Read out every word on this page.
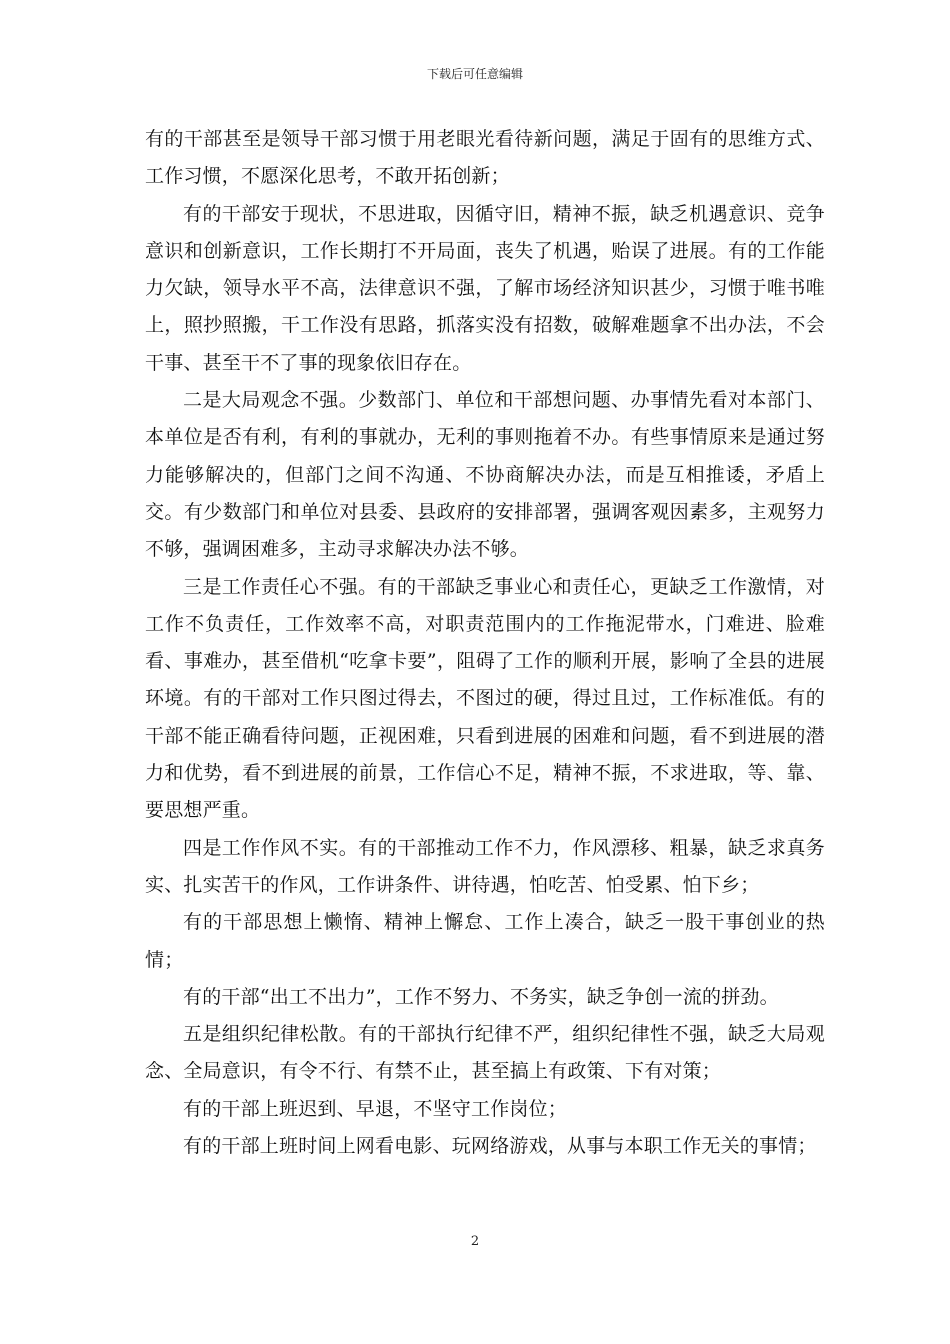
下载后可任意编辑

有的干部甚至是领导干部习惯于用老眼光看待新问题，满足于固有的思维方式、工作习惯，不愿深化思考，不敢开拓创新；

有的干部安于现状，不思进取，因循守旧，精神不振，缺乏机遇意识、竞争意识和创新意识，工作长期打不开局面，丧失了机遇，贻误了进展。有的工作能力欠缺，领导水平不高，法律意识不强，了解市场经济知识甚少，习惯于唯书唯上，照抄照搬，干工作没有思路，抓落实没有招数，破解难题拿不出办法，不会干事、甚至干不了事的现象依旧存在。

二是大局观念不强。少数部门、单位和干部想问题、办事情先看对本部门、本单位是否有利，有利的事就办，无利的事则拖着不办。有些事情原来是通过努力能够解决的，但部门之间不沟通、不协商解决办法，而是互相推诿，矛盾上交。有少数部门和单位对县委、县政府的安排部署，强调客观因素多，主观努力不够，强调困难多，主动寻求解决办法不够。

三是工作责任心不强。有的干部缺乏事业心和责任心，更缺乏工作激情，对工作不负责任，工作效率不高，对职责范围内的工作拖泥带水，门难进、脸难看、事难办，甚至借机“吃拿卡要”，阻碍了工作的顺利开展，影响了全县的进展环境。有的干部对工作只图过得去，不图过的硬，得过且过，工作标准低。有的干部不能正确看待问题，正视困难，只看到进展的困难和问题，看不到进展的潜力和优势，看不到进展的前景，工作信心不足，精神不振，不求进取，等、靠、要思想严重。

四是工作作风不实。有的干部推动工作不力，作风漂移、粗暴，缺乏求真务实、扎实苦干的作风，工作讲条件、讲待遇，怕吃苦、怕受累、怕下乡；

有的干部思想上懒惰、精神上懈怠、工作上凑合，缺乏一股干事创业的热情；

有的干部“出工不出力”，工作不努力、不务实，缺乏争创一流的拼劲。

五是组织纪律松散。有的干部执行纪律不严，组织纪律性不强，缺乏大局观念、全局意识，有令不行、有禁不止，甚至搞上有政策、下有对策；

有的干部上班迟到、早退，不坚守工作岗位；

有的干部上班时间上网看电影、玩网络游戏，从事与本职工作无关的事情；

2
